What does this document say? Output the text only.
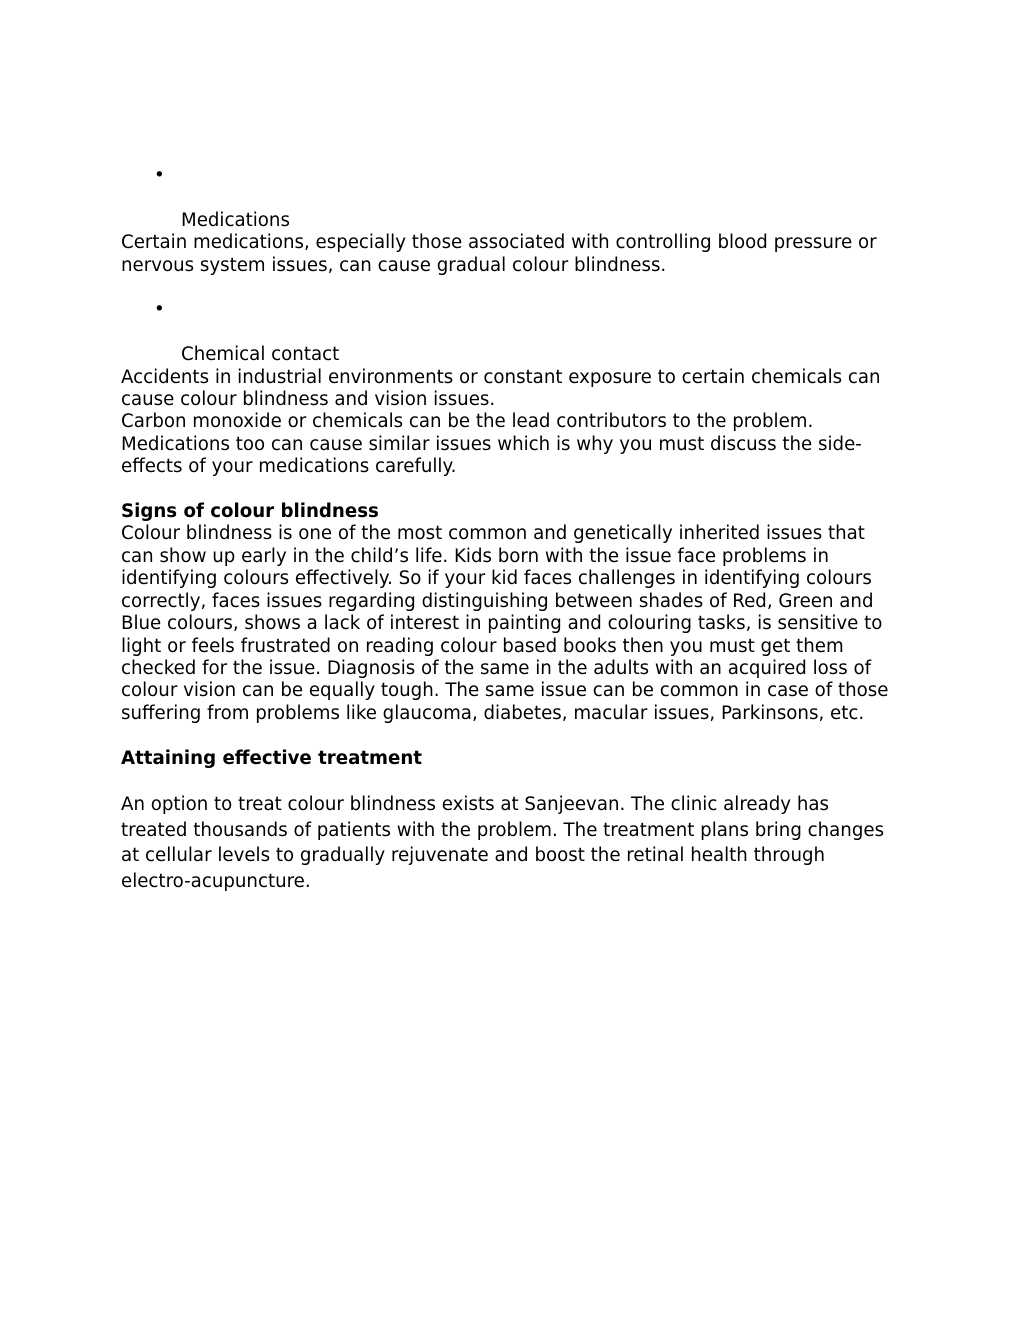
•

Medications

Certain medications, especially those associated with controlling blood pressure or
nervous system issues, can cause gradual colour blindness.

•

Chemical contact

Accidents in industrial environments or constant exposure to certain chemicals can
cause colour blindness and vision issues.
Carbon monoxide or chemicals can be the lead contributors to the problem.
Medications too can cause similar issues which is why you must discuss the side-
effects of your medications carefully.

Signs of colour blindness

Colour blindness is one of the most common and genetically inherited issues that
can show up early in the child’s life. Kids born with the issue face problems in
identifying colours effectively. So if your kid faces challenges in identifying colours
correctly, faces issues regarding distinguishing between shades of Red, Green and
Blue colours, shows a lack of interest in painting and colouring tasks, is sensitive to
light or feels frustrated on reading colour based books then you must get them
checked for the issue. Diagnosis of the same in the adults with an acquired loss of
colour vision can be equally tough. The same issue can be common in case of those
suffering from problems like glaucoma, diabetes, macular issues, Parkinsons, etc.

Attaining effective treatment

An option to treat colour blindness exists at Sanjeevan. The clinic already has
treated thousands of patients with the problem. The treatment plans bring changes
at cellular levels to gradually rejuvenate and boost the retinal health through
electro-acupuncture.
